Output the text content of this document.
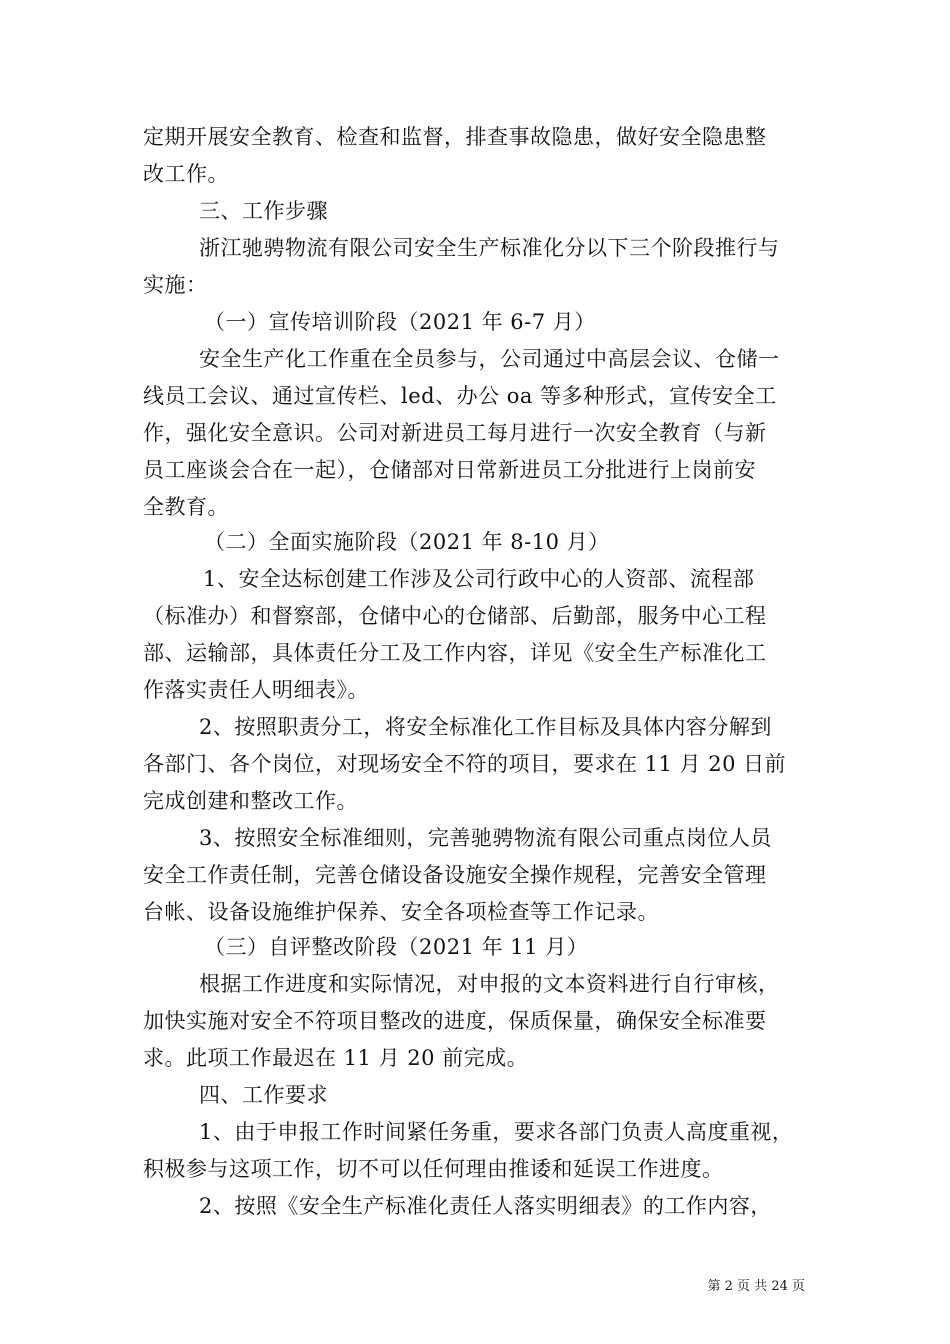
定期开展安全教育、检查和监督，排查事故隐患，做好安全隐患整
改工作。
三、工作步骤
浙江驰骋物流有限公司安全生产标准化分以下三个阶段推行与
实施：
（一）宣传培训阶段（2021 年 6-7 月）
安全生产化工作重在全员参与，公司通过中高层会议、仓储一
线员工会议、通过宣传栏、led、办公 oa 等多种形式，宣传安全工
作，强化安全意识。公司对新进员工每月进行一次安全教育（与新
员工座谈会合在一起），仓储部对日常新进员工分批进行上岗前安
全教育。
（二）全面实施阶段（2021 年 8-10 月）
1、安全达标创建工作涉及公司行政中心的人资部、流程部
（标准办）和督察部，仓储中心的仓储部、后勤部，服务中心工程
部、运输部，具体责任分工及工作内容，详见《安全生产标准化工
作落实责任人明细表》。
2、按照职责分工，将安全标准化工作目标及具体内容分解到
各部门、各个岗位，对现场安全不符的项目，要求在 11 月 20 日前
完成创建和整改工作。
3、按照安全标准细则，完善驰骋物流有限公司重点岗位人员
安全工作责任制，完善仓储设备设施安全操作规程，完善安全管理
台帐、设备设施维护保养、安全各项检查等工作记录。
（三）自评整改阶段（2021 年 11 月）
根据工作进度和实际情况，对申报的文本资料进行自行审核，
加快实施对安全不符项目整改的进度，保质保量，确保安全标准要
求。此项工作最迟在 11 月 20 前完成。
四、工作要求
1、由于申报工作时间紧任务重，要求各部门负责人高度重视，
积极参与这项工作，切不可以任何理由推诿和延误工作进度。
2、按照《安全生产标准化责任人落实明细表》的工作内容，
第 2 页 共 24 页
